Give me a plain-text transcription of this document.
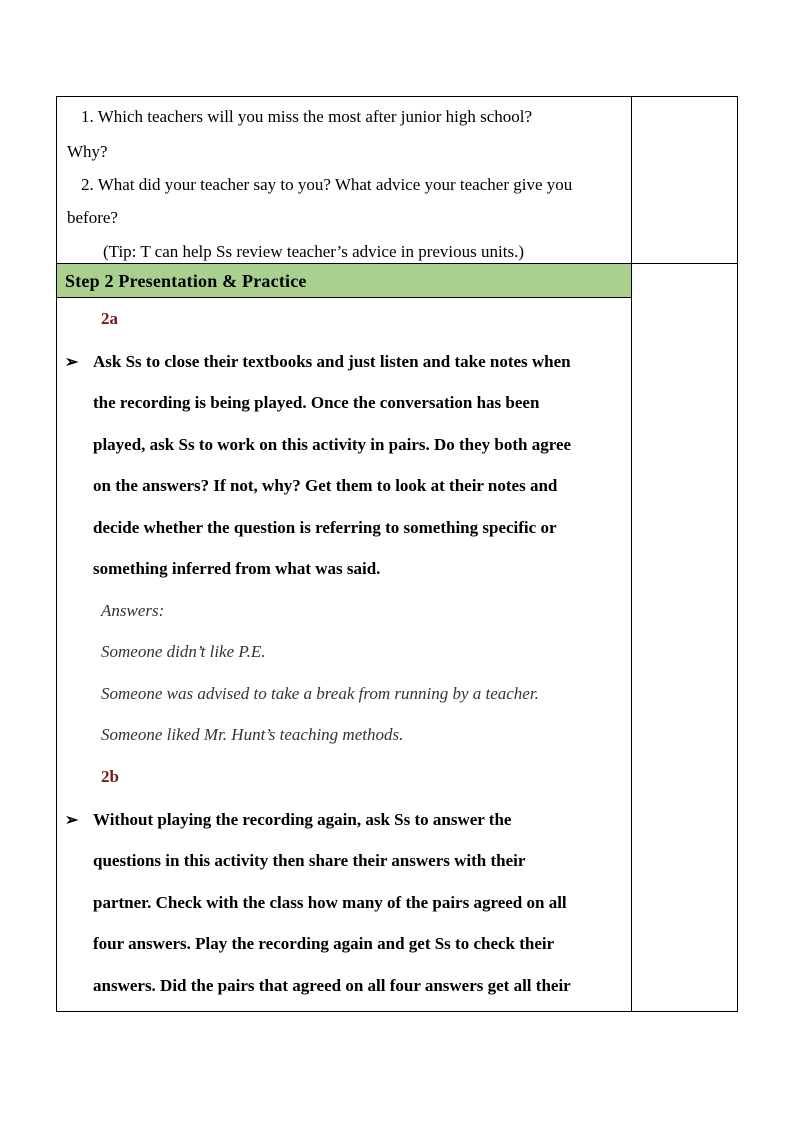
1. Which teachers will you miss the most after junior high school?
Why?
2. What did your teacher say to you? What advice your teacher give you
before?
(Tip: T can help Ss review teacher’s advice in previous units.)
Step 2 Presentation & Practice
2a
➢ Ask Ss to close their textbooks and just listen and take notes when
the recording is being played. Once the conversation has been
played, ask Ss to work on this activity in pairs. Do they both agree
on the answers? If not, why? Get them to look at their notes and
decide whether the question is referring to something specific or
something inferred from what was said.
Answers:
Someone didn’t like P.E.
Someone was advised to take a break from running by a teacher.
Someone liked Mr. Hunt’s teaching methods.
2b
➢ Without playing the recording again, ask Ss to answer the
questions in this activity then share their answers with their
partner. Check with the class how many of the pairs agreed on all
four answers. Play the recording again and get Ss to check their
answers. Did the pairs that agreed on all four answers get all their
